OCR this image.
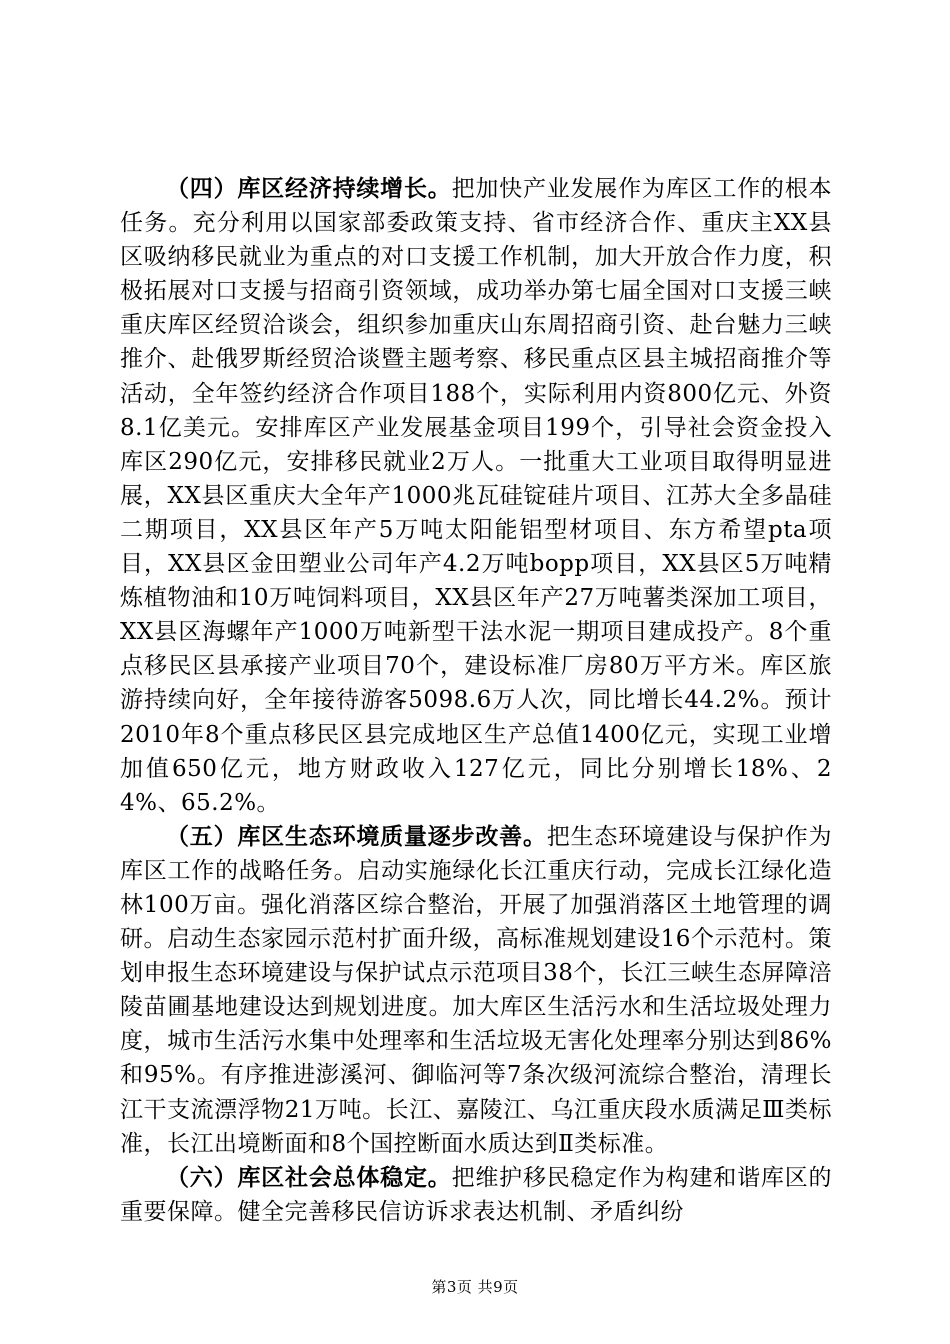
（四）库区经济持续增长。把加快产业发展作为库区工作的根本任务。充分利用以国家部委政策支持、省市经济合作、重庆主XX县区吸纳移民就业为重点的对口支援工作机制，加大开放合作力度，积极拓展对口支援与招商引资领域，成功举办第七届全国对口支援三峡重庆库区经贸洽谈会，组织参加重庆山东周招商引资、赴台魅力三峡推介、赴俄罗斯经贸洽谈暨主题考察、移民重点区县主城招商推介等活动，全年签约经济合作项目188个，实际利用内资800亿元、外资8.1亿美元。安排库区产业发展基金项目199个，引导社会资金投入库区290亿元，安排移民就业2万人。一批重大工业项目取得明显进展，XX县区重庆大全年产1000兆瓦硅锭硅片项目、江苏大全多晶硅二期项目，XX县区年产5万吨太阳能铝型材项目、东方希望pta项目，XX县区金田塑业公司年产4.2万吨bopp项目，XX县区5万吨精炼植物油和10万吨饲料项目，XX县区年产27万吨薯类深加工项目，XX县区海螺年产1000万吨新型干法水泥一期项目建成投产。8个重点移民区县承接产业项目70个，建设标准厂房80万平方米。库区旅游持续向好，全年接待游客5098.6万人次，同比增长44.2%。预计2010年8个重点移民区县完成地区生产总值1400亿元，实现工业增加值650亿元，地方财政收入127亿元，同比分别增长18%、24%、65.2%。

（五）库区生态环境质量逐步改善。把生态环境建设与保护作为库区工作的战略任务。启动实施绿化长江重庆行动，完成长江绿化造林100万亩。强化消落区综合整治，开展了加强消落区土地管理的调研。启动生态家园示范村扩面升级，高标准规划建设16个示范村。策划申报生态环境建设与保护试点示范项目38个，长江三峡生态屏障涪陵苗圃基地建设达到规划进度。加大库区生活污水和生活垃圾处理力度，城市生活污水集中处理率和生活垃圾无害化处理率分别达到86%和95%。有序推进澎溪河、御临河等7条次级河流综合整治，清理长江干支流漂浮物21万吨。长江、嘉陵江、乌江重庆段水质满足Ⅲ类标准，长江出境断面和8个国控断面水质达到Ⅱ类标准。

（六）库区社会总体稳定。把维护移民稳定作为构建和谐库区的重要保障。健全完善移民信访诉求表达机制、矛盾纠纷

第3页 共9页
